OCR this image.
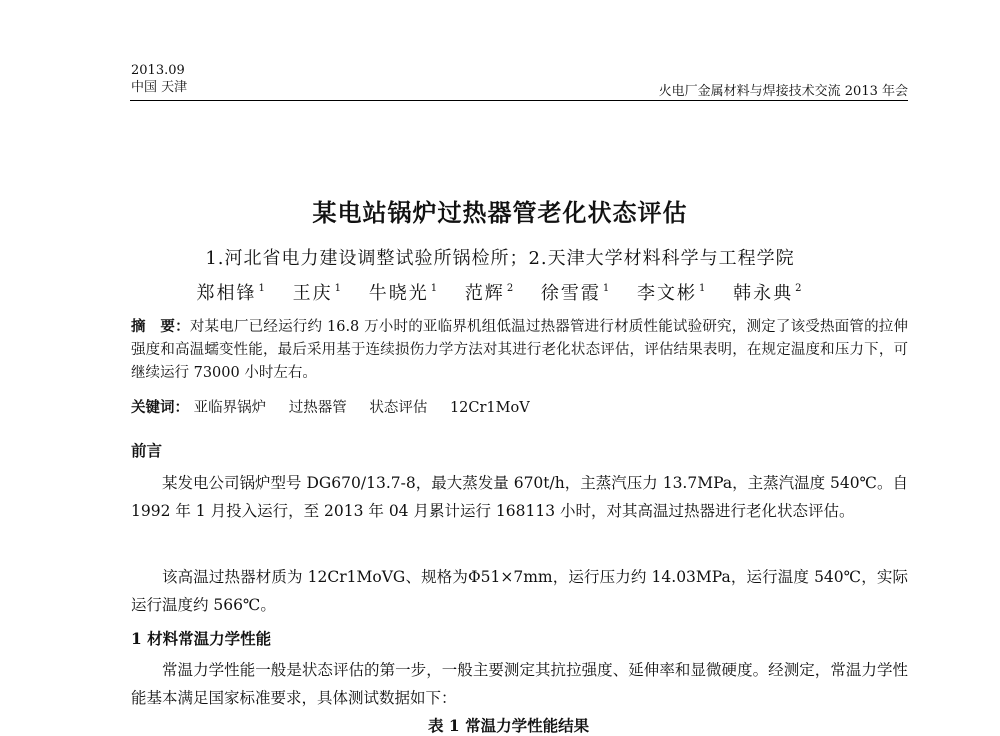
2013.09
中国 天津	火电厂金属材料与焊接技术交流 2013 年会
某电站锅炉过热器管老化状态评估
1.河北省电力建设调整试验所锅检所；2.天津大学材料科学与工程学院
郑相锋 $^1$ 王庆 $^1$ 牛晓光 $^1$ 范辉 $^2$ 徐雪霞 $^1$ 李文彬 $^1$ 韩永典 $^2$
摘　要：对某电厂已经运行约 16.8 万小时的亚临界机组低温过热器管进行材质性能试验研究，测定了该受热面管的拉伸强度和高温蠕变性能，最后采用基于连续损伤力学方法对其进行老化状态评估，评估结果表明，在规定温度和压力下，可继续运行 73000 小时左右。
关键词： 亚临界锅炉 过热器管 状态评估 12Cr1MoV
前言
某发电公司锅炉型号 DG670/13.7-8，最大蒸发量 670t/h，主蒸汽压力 13.7MPa，主蒸汽温度 540℃。自 1992 年 1 月投入运行，至 2013 年 04 月累计运行 168113 小时，对其高温过热器进行老化状态评估。
该高温过热器材质为 12Cr1MoVG、规格为Φ51×7mm，运行压力约 14.03MPa，运行温度 540℃，实际运行温度约 566℃。
1 材料常温力学性能
常温力学性能一般是状态评估的第一步，一般主要测定其抗拉强度、延伸率和显微硬度。经测定，常温力学性能基本满足国家标准要求，具体测试数据如下：
表 1 常温力学性能结果
